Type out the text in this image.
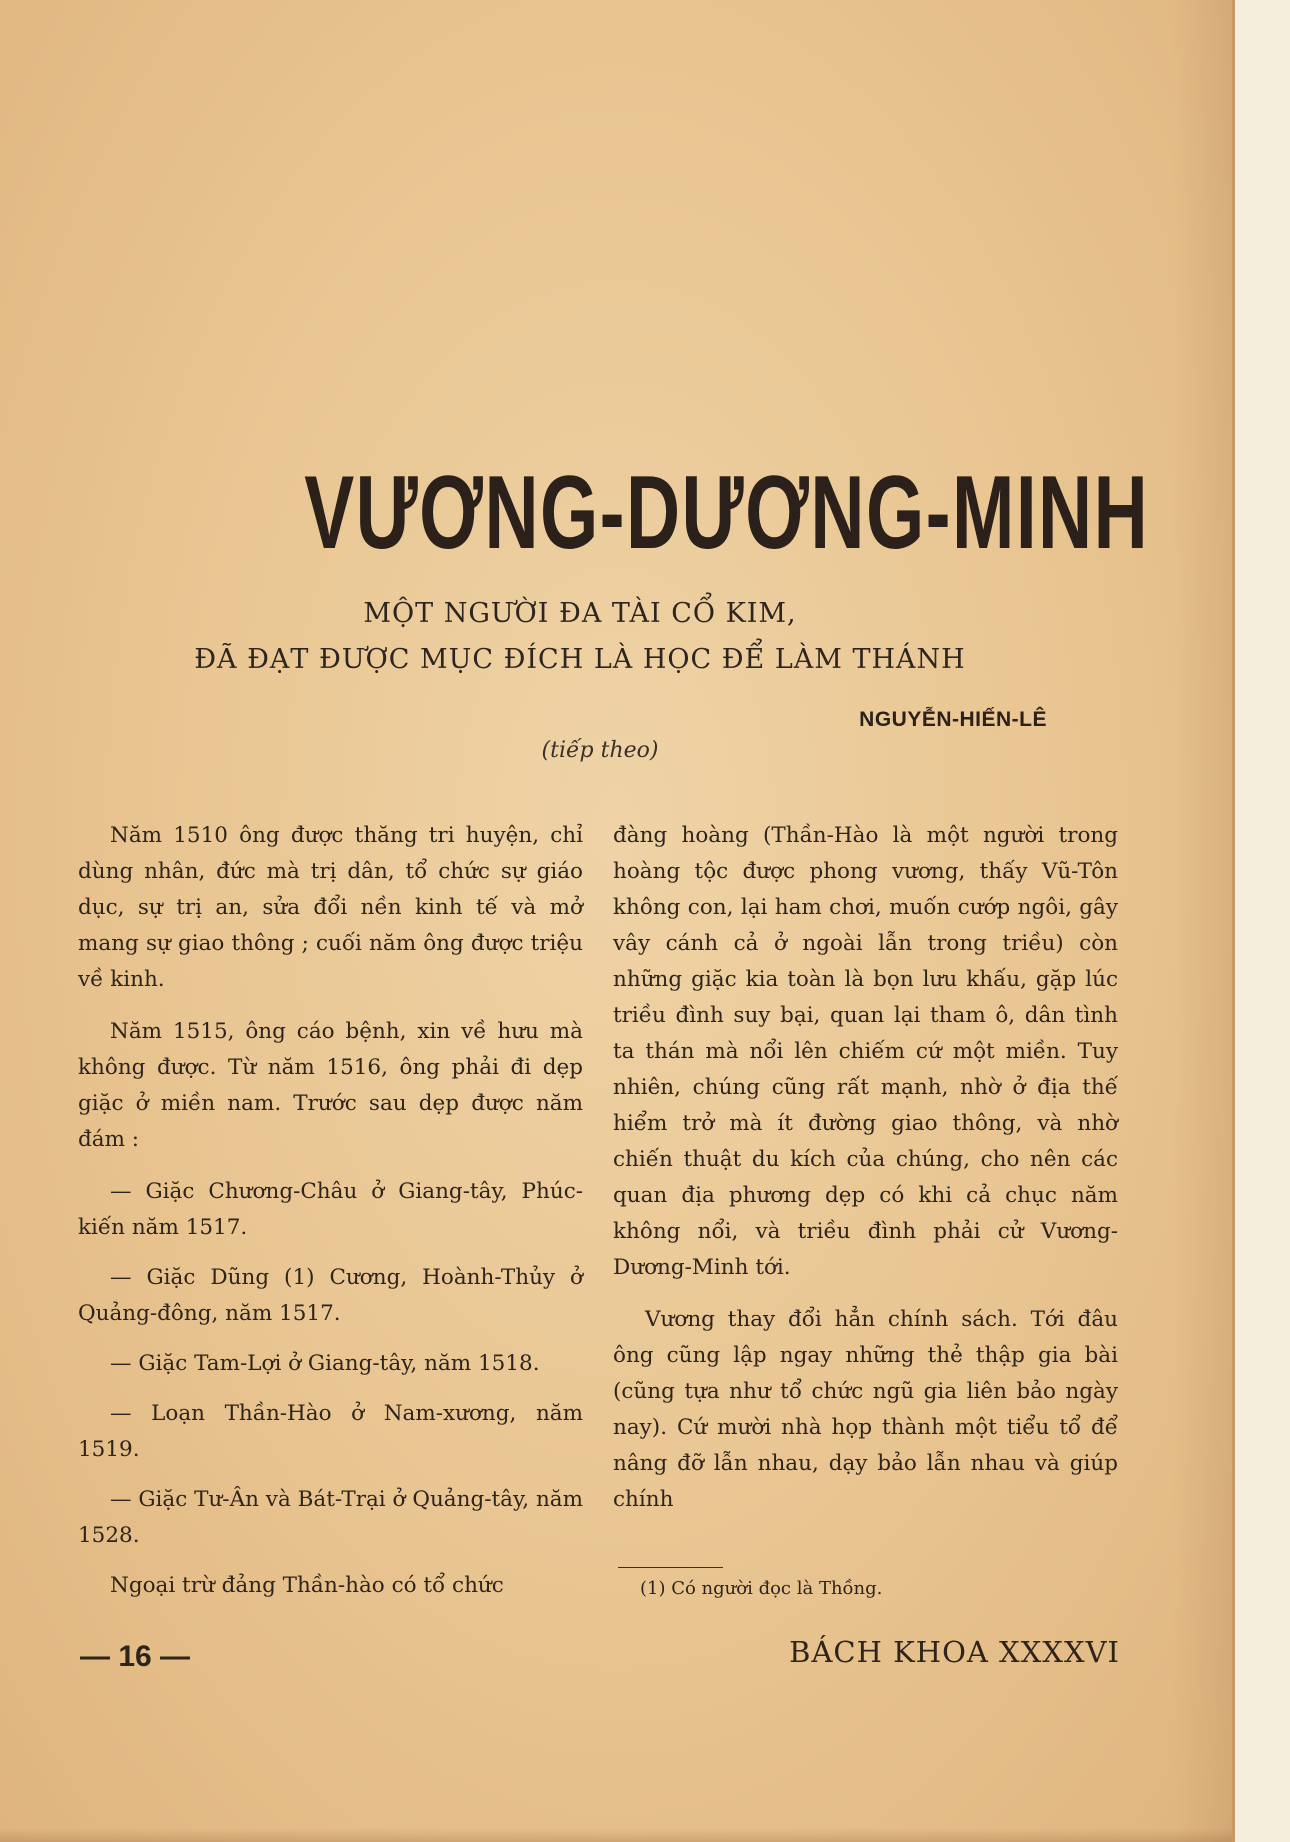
VƯƠNG-DƯƠNG-MINH
MỘT NGƯỜI ĐA TÀI CỔ KIM,
ĐÃ ĐẠT ĐƯỢC MỤC ĐÍCH LÀ HỌC ĐỂ LÀM THÁNH
NGUYỄN-HIẾN-LÊ
(tiếp theo)

Năm 1510 ông được thăng tri huyện, chỉ dùng nhân, đức mà trị dân, tổ chức sự giáo dục, sự trị an, sửa đổi nền kinh tế và mở mang sự giao thông ; cuối năm ông được triệu về kinh.

Năm 1515, ông cáo bệnh, xin về hưu mà không được. Từ năm 1516, ông phải đi dẹp giặc ở miền nam. Trước sau dẹp được năm đám :

— Giặc Chương-Châu ở Giang-tây, Phúc-kiến năm 1517.

— Giặc Dũng (1) Cương, Hoành-Thủy ở Quảng-đông, năm 1517.

— Giặc Tam-Lợi ở Giang-tây, năm 1518.

— Loạn Thần-Hào ở Nam-xương, năm 1519.

— Giặc Tư-Ân và Bát-Trại ở Quảng-tây, năm 1528.

Ngoại trừ đảng Thần-hào có tổ chức

đàng hoàng (Thần-Hào là một người trong hoàng tộc được phong vương, thấy Vũ-Tôn không con, lại ham chơi, muốn cướp ngôi, gây vây cánh cả ở ngoài lẫn trong triều) còn những giặc kia toàn là bọn lưu khấu, gặp lúc triều đình suy bại, quan lại tham ô, dân tình ta thán mà nổi lên chiếm cứ một miền. Tuy nhiên, chúng cũng rất mạnh, nhờ ở địa thế hiểm trở mà ít đường giao thông, và nhờ chiến thuật du kích của chúng, cho nên các quan địa phương dẹp có khi cả chục năm không nổi, và triều đình phải cử Vương-Dương-Minh tới.

Vương thay đổi hẳn chính sách. Tới đâu ông cũng lập ngay những thẻ thập gia bài (cũng tựa như tổ chức ngũ gia liên bảo ngày nay). Cứ mười nhà họp thành một tiểu tổ để nâng đỡ lẫn nhau, dạy bảo lẫn nhau và giúp chính

(1) Có người đọc là Thồng.
— 16 —	BÁCH KHOA XXXXVI
